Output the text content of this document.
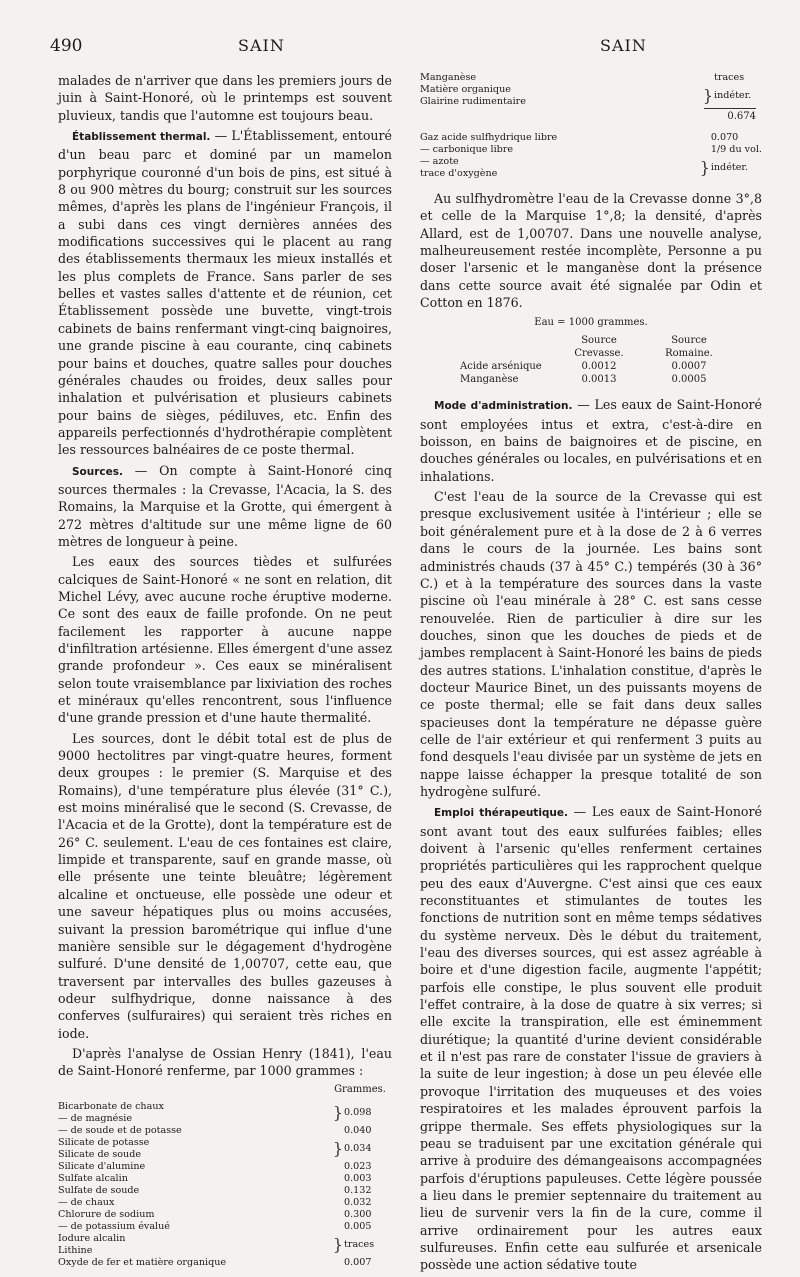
490	SAIN	SAIN

malades de n'arriver que dans les premiers jours de juin à Saint-Honoré, où le printemps est souvent pluvieux, tandis que l'automne est toujours beau.

Établissement thermal. — L'Établissement, entouré d'un beau parc et dominé par un mamelon porphyrique couronné d'un bois de pins, est situé à 8 ou 900 mètres du bourg; construit sur les sources mêmes, d'après les plans de l'ingénieur François, il a subi dans ces vingt dernières années des modifications successives qui le placent au rang des établissements thermaux les mieux installés et les plus complets de France. Sans parler de ses belles et vastes salles d'attente et de réunion, cet Établissement possède une buvette, vingt-trois cabinets de bains renfermant vingt-cinq baignoires, une grande piscine à eau courante, cinq cabinets pour bains et douches, quatre salles pour douches générales chaudes ou froides, deux salles pour inhalation et pulvérisation et plusieurs cabinets pour bains de sièges, pédiluves, etc. Enfin des appareils perfectionnés d'hydrothérapie complètent les ressources balnéaires de ce poste thermal.

Sources. — On compte à Saint-Honoré cinq sources thermales : la Crevasse, l'Acacia, la S. des Romains, la Marquise et la Grotte, qui émergent à 272 mètres d'altitude sur une même ligne de 60 mètres de longueur à peine.

Les eaux des sources tièdes et sulfurées calciques de Saint-Honoré « ne sont en relation, dit Michel Lévy, avec aucune roche éruptive moderne. Ce sont des eaux de faille profonde. On ne peut facilement les rapporter à aucune nappe d'infiltration artésienne. Elles émergent d'une assez grande profondeur ». Ces eaux se minéralisent selon toute vraisemblance par lixiviation des roches et minéraux qu'elles rencontrent, sous l'influence d'une grande pression et d'une haute thermalité.

Les sources, dont le débit total est de plus de 9000 hectolitres par vingt-quatre heures, forment deux groupes : le premier (S. Marquise et des Romains), d'une température plus élevée (31° C.), est moins minéralisé que le second (S. Crevasse, de l'Acacia et de la Grotte), dont la température est de 26° C. seulement. L'eau de ces fontaines est claire, limpide et transparente, sauf en grande masse, où elle présente une teinte bleuâtre; légèrement alcaline et onctueuse, elle possède une odeur et une saveur hépatiques plus ou moins accusées, suivant la pression barométrique qui influe d'une manière sensible sur le dégagement d'hydrogène sulfuré. D'une densité de 1,00707, cette eau, que traversent par intervalles des bulles gazeuses à odeur sulfhydrique, donne naissance à des conferves (sulfuraires) qui seraient très riches en iode.

D'après l'analyse de Ossian Henry (1841), l'eau de Saint-Honoré renferme, par 1000 grammes :

Grammes.
Bicarbonate de chaux	}	0.098
— de magnésie		
— de soude et de potasse		0.040
Silicate de potasse	}	0.034
Silicate de soude		
Silicate d'alumine		0.023
Sulfate alcalin		0.003
Sulfate de soude		0.132
— de chaux		0.032
Chlorure de sodium		0.300
— de potassium évalué		0.005
Iodure alcalin	}	traces
Lithine		
Oxyde de fer et matière organique		0.007
Manganèse		traces
Matière organique	}	indéter.
Glairine rudimentaire		
0.674
Gaz acide sulfhydrique libre		0.070
— carbonique libre		1/9 du vol.
— azote	}	indéter.
trace d'oxygène		

Au sulfhydromètre l'eau de la Crevasse donne 3°,8 et celle de la Marquise 1°,8; la densité, d'après Allard, est de 1,00707. Dans une nouvelle analyse, malheureusement restée incomplète, Personne a pu doser l'arsenic et le manganèse dont la présence dans cette source avait été signalée par Odin et Cotton en 1876.

Eau = 1000 grammes.
	Source Crevasse.	Source Romaine.
Acide arsénique	0.0012	0.0007
Manganèse	0.0013	0.0005

Mode d'administration. — Les eaux de Saint-Honoré sont employées intus et extra, c'est-à-dire en boisson, en bains de baignoires et de piscine, en douches générales ou locales, en pulvérisations et en inhalations.

C'est l'eau de la source de la Crevasse qui est presque exclusivement usitée à l'intérieur ; elle se boit généralement pure et à la dose de 2 à 6 verres dans le cours de la journée. Les bains sont administrés chauds (37 à 45° C.) tempérés (30 à 36° C.) et à la température des sources dans la vaste piscine où l'eau minérale à 28° C. est sans cesse renouvelée. Rien de particulier à dire sur les douches, sinon que les douches de pieds et de jambes remplacent à Saint-Honoré les bains de pieds des autres stations. L'inhalation constitue, d'après le docteur Maurice Binet, un des puissants moyens de ce poste thermal; elle se fait dans deux salles spacieuses dont la température ne dépasse guère celle de l'air extérieur et qui renferment 3 puits au fond desquels l'eau divisée par un système de jets en nappe laisse échapper la presque totalité de son hydrogène sulfuré.

Emploi thérapeutique. — Les eaux de Saint-Honoré sont avant tout des eaux sulfurées faibles; elles doivent à l'arsenic qu'elles renferment certaines propriétés particulières qui les rapprochent quelque peu des eaux d'Auvergne. C'est ainsi que ces eaux reconstituantes et stimulantes de toutes les fonctions de nutrition sont en même temps sédatives du système nerveux. Dès le début du traitement, l'eau des diverses sources, qui est assez agréable à boire et d'une digestion facile, augmente l'appétit; parfois elle constipe, le plus souvent elle produit l'effet contraire, à la dose de quatre à six verres; si elle excite la transpiration, elle est éminemment diurétique; la quantité d'urine devient considérable et il n'est pas rare de constater l'issue de graviers à la suite de leur ingestion; à dose un peu élevée elle provoque l'irritation des muqueuses et des voies respiratoires et les malades éprouvent parfois la grippe thermale. Ses effets physiologiques sur la peau se traduisent par une excitation générale qui arrive à produire des démangeaisons accompagnées parfois d'éruptions papuleuses. Cette légère poussée a lieu dans le premier septennaire du traitement au lieu de survenir vers la fin de la cure, comme il arrive ordinairement pour les autres eaux sulfureuses. Enfin cette eau sulfurée et arsenicale possède une action sédative toute
